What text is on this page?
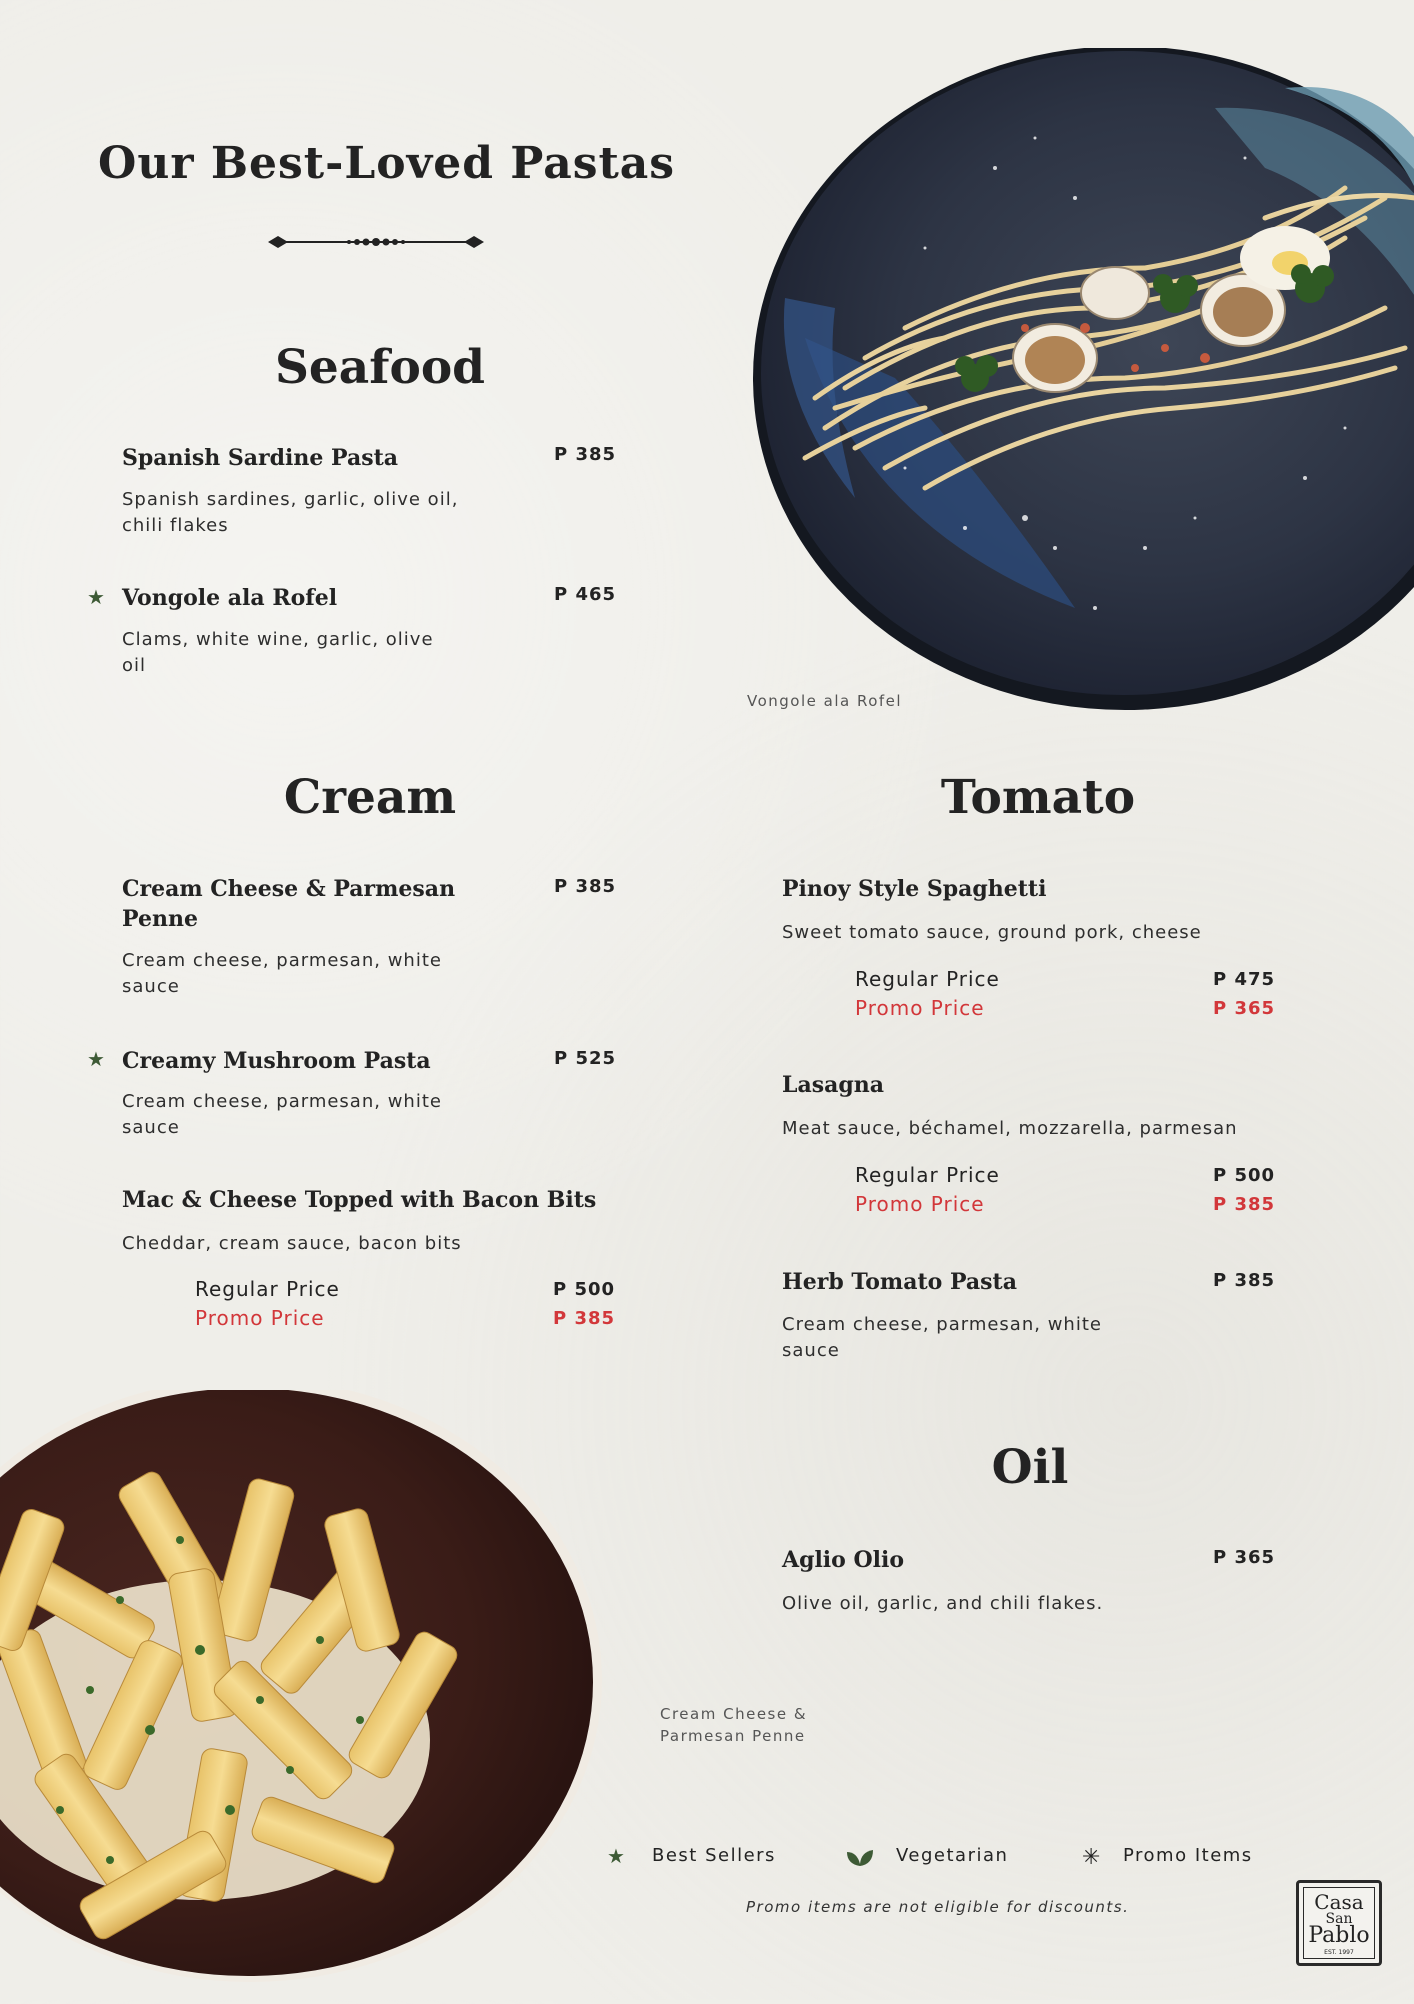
Our Best-Loved Pastas
Vongole ala Rofel
Seafood
Spanish Sardine Pasta	P 385
Spanish sardines, garlic, olive oil,
chili flakes
★ Vongole ala Rofel	P 465
Clams, white wine, garlic, olive
oil
Cream
Cream Cheese & Parmesan
Penne
P 385
Cream cheese, parmesan, white
sauce
★ Creamy Mushroom Pasta	P 525
Cream cheese, parmesan, white
sauce
Mac & Cheese Topped with Bacon Bits
Cheddar, cream sauce, bacon bits
Regular Price	P 500
Promo Price	P 385
Tomato
Pinoy Style Spaghetti
Sweet tomato sauce, ground pork, cheese
Regular Price	P 475
Promo Price	P 365
Lasagna
Meat sauce, béchamel, mozzarella, parmesan
Regular Price	P 500
Promo Price	P 385
Herb Tomato Pasta	P 385
Cream cheese, parmesan, white
sauce
Oil
Aglio Olio	P 365
Olive oil, garlic, and chili flakes.
Cream Cheese &
Parmesan Penne
★ Best Sellers	Vegetarian	✳ Promo Items
Promo items are not eligible for discounts.	Casa
San
Pablo
EST. 1997
